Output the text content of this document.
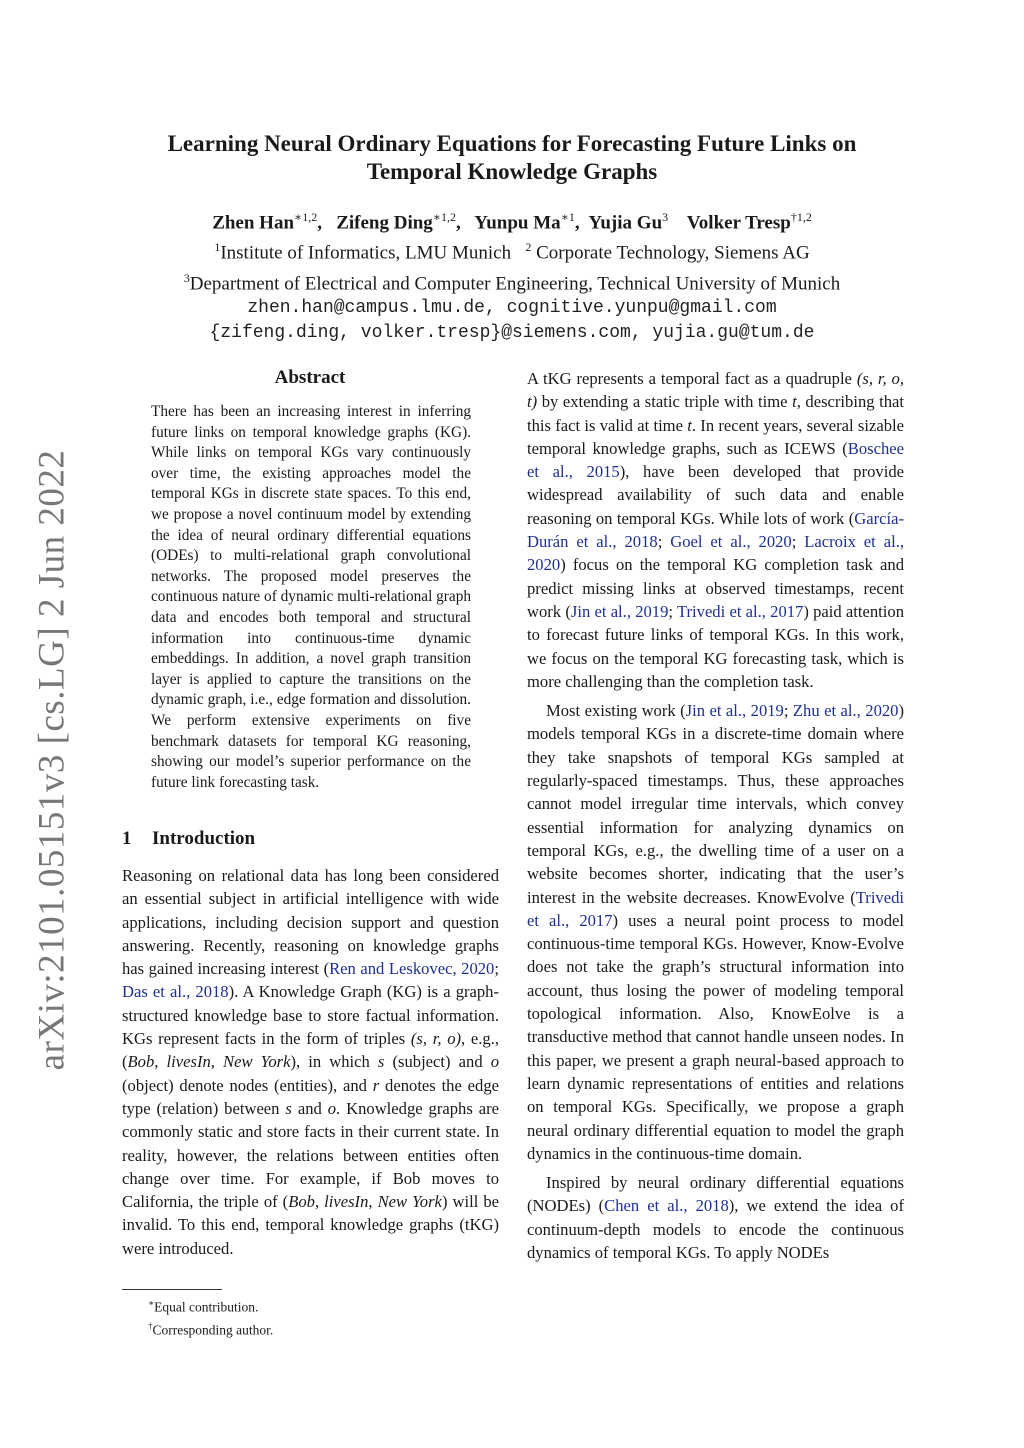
arXiv:2101.05151v3 [cs.LG] 2 Jun 2022
Learning Neural Ordinary Equations for Forecasting Future Links on
Temporal Knowledge Graphs
Zhen Han$^{∗1,2}$,   Zifeng Ding$^{∗1,2}$,   Yunpu $Ma^{∗1}$,  Yujia Gu$^3$ Volker Tresp$^{\dagger 1,2}$
$^1$Institute of Informatics, LMU Munich $^2$ Corporate Technology, Siemens AG
$^3$Department of Electrical and Computer Engineering, Technical University of Munich
zhen.han@campus.lmu.de, cognitive.yunpu@gmail.com
{zifeng.ding, volker.tresp}@siemens.com, yujia.gu@tum.de
Abstract
There has been an increasing interest in inferring future links on temporal knowledge graphs (KG). While links on temporal KGs vary continuously over time, the existing approaches model the temporal KGs in discrete state spaces. To this end, we propose a novel continuum model by extending the idea of neural ordinary differential equations (ODEs) to multi-relational graph convolutional networks. The proposed model preserves the continuous nature of dynamic multi-relational graph data and encodes both temporal and structural information into continuous-time dynamic embeddings. In addition, a novel graph transition layer is applied to capture the transitions on the dynamic graph, i.e., edge formation and dissolution. We perform extensive experiments on five benchmark datasets for temporal KG reasoning, showing our model’s superior performance on the future link forecasting task.
1 Introduction
Reasoning on relational data has long been considered an essential subject in artificial intelligence with wide applications, including decision support and question answering. Recently, reasoning on knowledge graphs has gained increasing interest (Ren and Leskovec, 2020; Das et al., 2018). A Knowledge Graph (KG) is a graph-structured knowledge base to store factual information. KGs represent facts in the form of triples (s, r, o), e.g., (Bob, livesIn, New York), in which s (subject) and o (object) denote nodes (entities), and r denotes the edge type (relation) between s and o. Knowledge graphs are commonly static and store facts in their current state. In reality, however, the relations between entities often change over time. For example, if Bob moves to California, the triple of (Bob, livesIn, New York) will be invalid. To this end, temporal knowledge graphs (tKG) were introduced.
∗Equal contribution.
†Corresponding author.

A tKG represents a temporal fact as a quadruple (s, r, o, t) by extending a static triple with time t, describing that this fact is valid at time t. In recent years, several sizable temporal knowledge graphs, such as ICEWS (Boschee et al., 2015), have been developed that provide widespread availability of such data and enable reasoning on temporal KGs. While lots of work (García-Durán et al., 2018; Goel et al., 2020; Lacroix et al., 2020) focus on the temporal KG completion task and predict missing links at observed timestamps, recent work (Jin et al., 2019; Trivedi et al., 2017) paid attention to forecast future links of temporal KGs. In this work, we focus on the temporal KG forecasting task, which is more challenging than the completion task.

Most existing work (Jin et al., 2019; Zhu et al., 2020) models temporal KGs in a discrete-time domain where they take snapshots of temporal KGs sampled at regularly-spaced timestamps. Thus, these approaches cannot model irregular time intervals, which convey essential information for analyzing dynamics on temporal KGs, e.g., the dwelling time of a user on a website becomes shorter, indicating that the user’s interest in the website decreases. KnowEvolve (Trivedi et al., 2017) uses a neural point process to model continuous-time temporal KGs. However, Know-Evolve does not take the graph’s structural information into account, thus losing the power of modeling temporal topological information. Also, KnowEolve is a transductive method that cannot handle unseen nodes. In this paper, we present a graph neural-based approach to learn dynamic representations of entities and relations on temporal KGs. Specifically, we propose a graph neural ordinary differential equation to model the graph dynamics in the continuous-time domain.

Inspired by neural ordinary differential equations (NODEs) (Chen et al., 2018), we extend the idea of continuum-depth models to encode the continuous dynamics of temporal KGs. To apply NODEs
